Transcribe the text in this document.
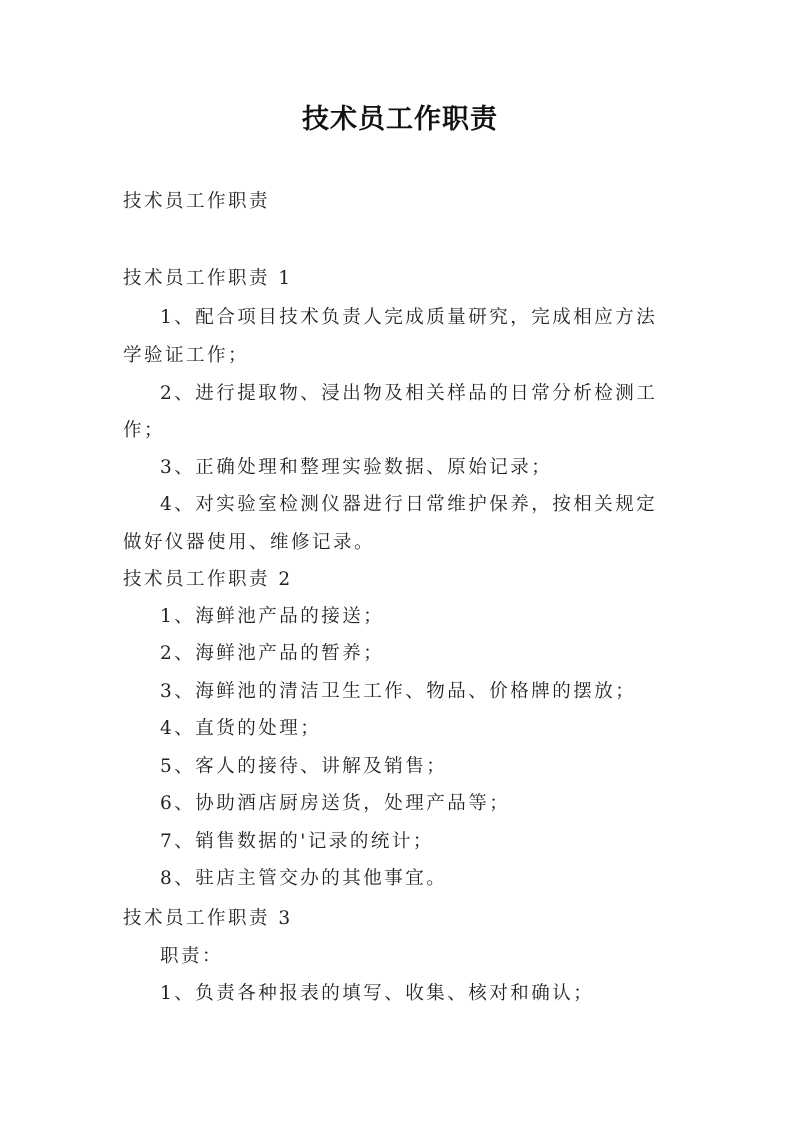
技术员工作职责
技术员工作职责
技术员工作职责 1
1、配合项目技术负责人完成质量研究，完成相应方法
学验证工作；
2、进行提取物、浸出物及相关样品的日常分析检测工
作；
3、正确处理和整理实验数据、原始记录；
4、对实验室检测仪器进行日常维护保养，按相关规定
做好仪器使用、维修记录。
技术员工作职责 2
1、海鲜池产品的接送；
2、海鲜池产品的暂养；
3、海鲜池的清洁卫生工作、物品、价格牌的摆放；
4、直货的处理；
5、客人的接待、讲解及销售；
6、协助酒店厨房送货，处理产品等；
7、销售数据的'记录的统计；
8、驻店主管交办的其他事宜。
技术员工作职责 3
职责：
1、负责各种报表的填写、收集、核对和确认；
